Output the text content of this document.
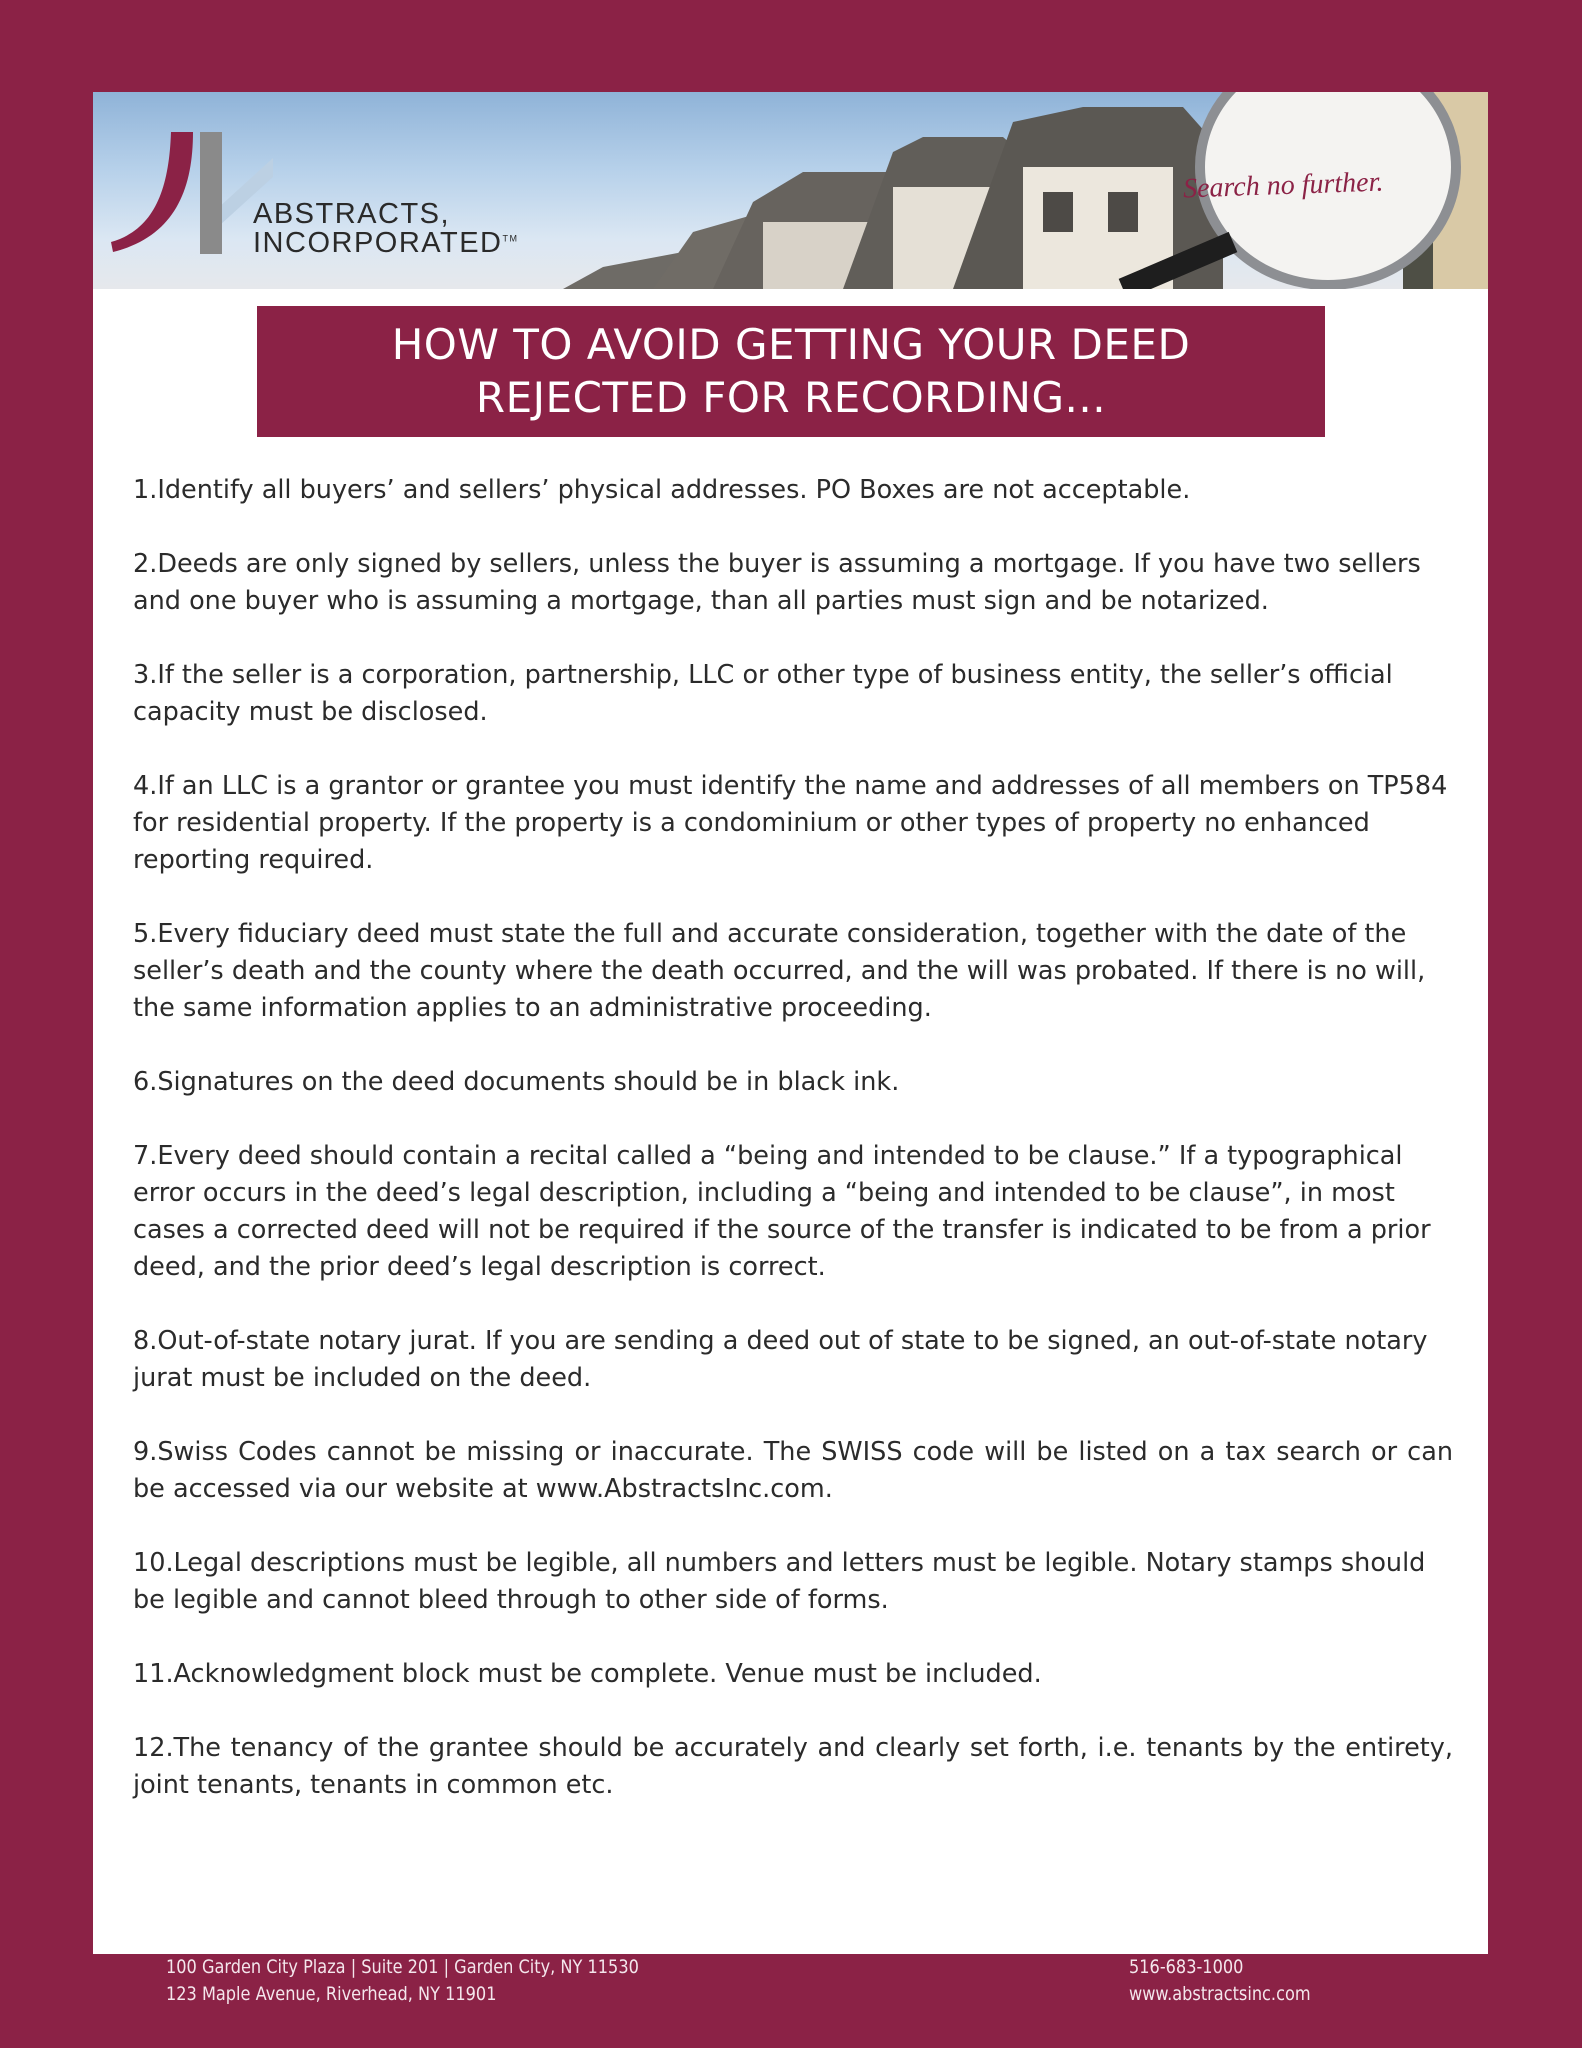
ABSTRACTS,
INCORPORATED™
Search no further.
HOW TO AVOID GETTING YOUR DEED
REJECTED FOR RECORDING...

1.Identify all buyers’ and sellers’ physical addresses. PO Boxes are not acceptable.

2.Deeds are only signed by sellers, unless the buyer is assuming a mortgage. If you have two sellers and one buyer who is assuming a mortgage, than all parties must sign and be notarized.

3.If the seller is a corporation, partnership, LLC or other type of business entity, the seller’s official capacity must be disclosed.

4.If an LLC is a grantor or grantee you must identify the name and addresses of all members on TP584 for residential property. If the property is a condominium or other types of property no enhanced reporting required.

5.Every fiduciary deed must state the full and accurate consideration, together with the date of the seller’s death and the county where the death occurred, and the will was probated. If there is no will, the same information applies to an administrative proceeding.

6.Signatures on the deed documents should be in black ink.

7.Every deed should contain a recital called a “being and intended to be clause.” If a typographical error occurs in the deed’s legal description, including a “being and intended to be clause”, in most cases a corrected deed will not be required if the source of the transfer is indicated to be from a prior deed, and the prior deed’s legal description is correct.

8.Out-of-state notary jurat. If you are sending a deed out of state to be signed, an out-of-state notary jurat must be included on the deed.

9.Swiss Codes cannot be missing or inaccurate. The SWISS code will be listed on a tax search or can be accessed via our website at www.AbstractsInc.com.

10.Legal descriptions must be legible, all numbers and letters must be legible. Notary stamps should be legible and cannot bleed through to other side of forms.

11.Acknowledgment block must be complete. Venue must be included.

12.The tenancy of the grantee should be accurately and clearly set forth, i.e. tenants by the entirety, joint tenants, tenants in common etc.

100 Garden City Plaza | Suite 201 | Garden City, NY 11530
123 Maple Avenue, Riverhead, NY 11901
516-683-1000
www.abstractsinc.com
